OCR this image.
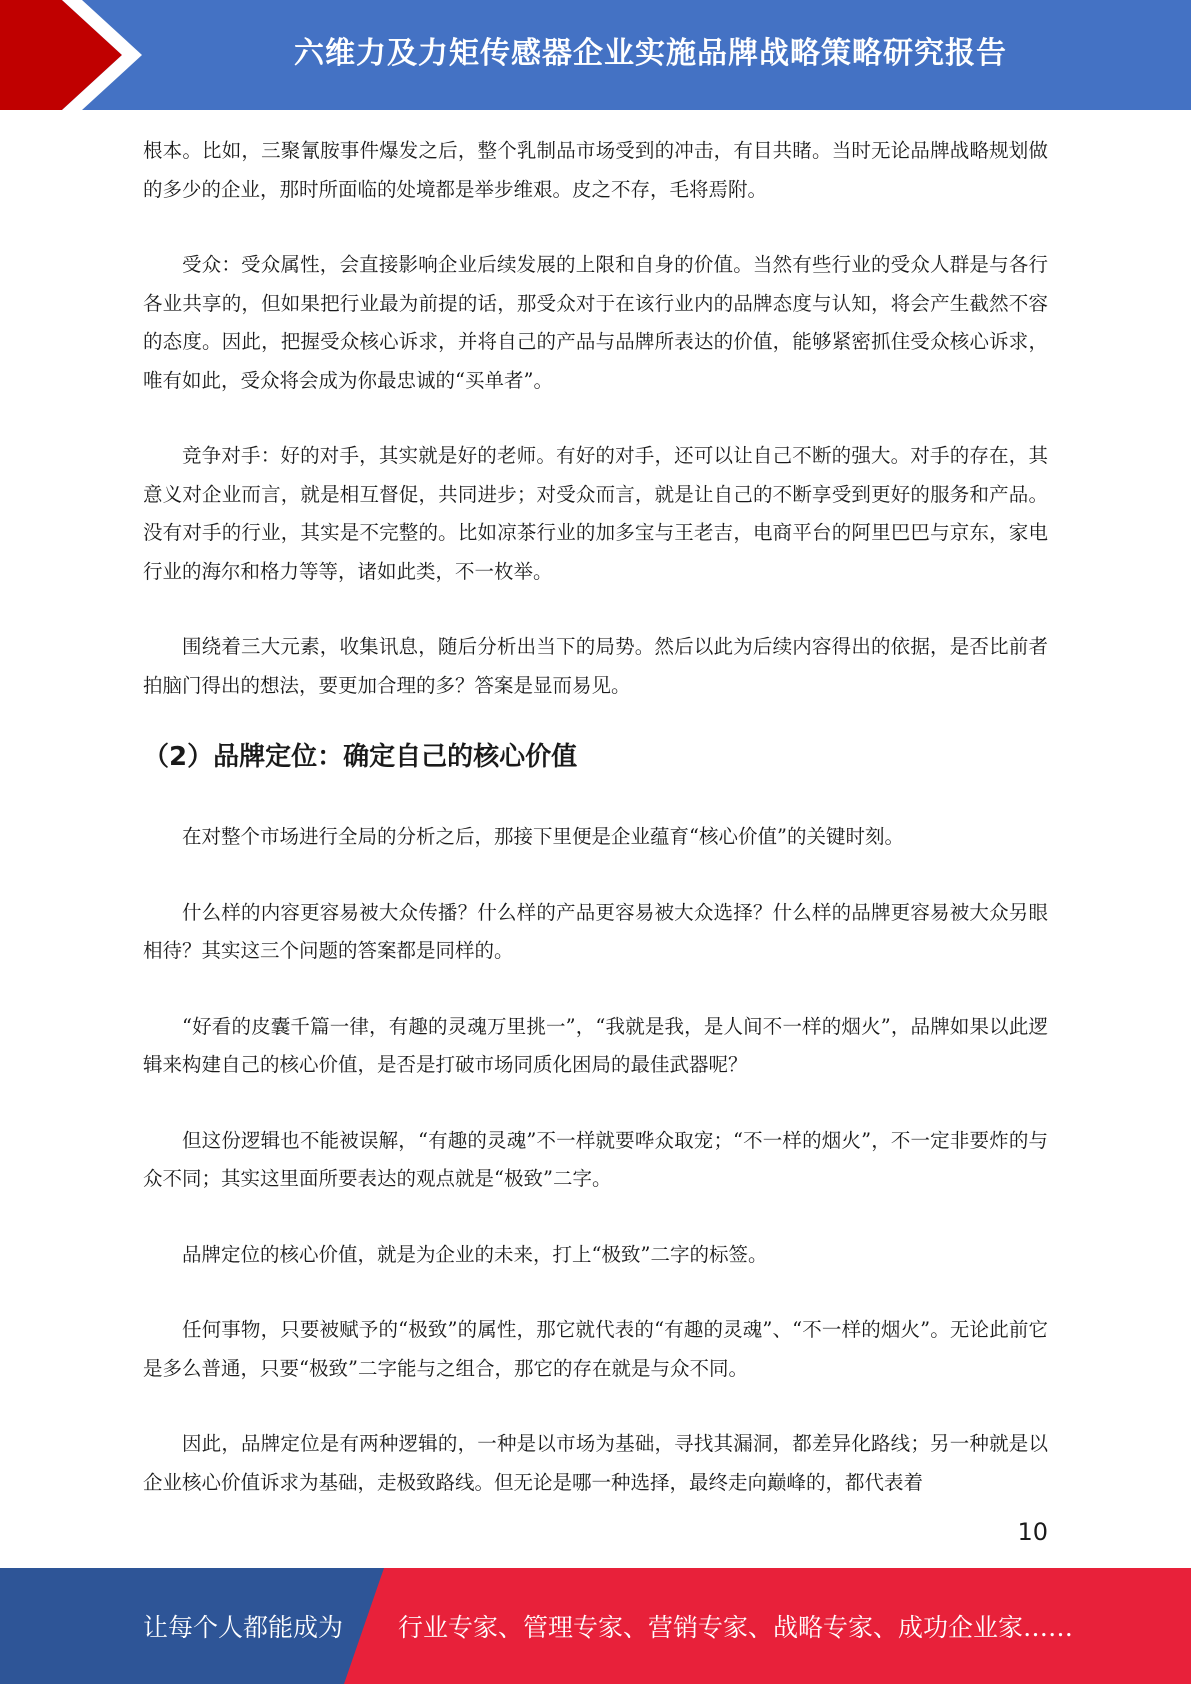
六维力及力矩传感器企业实施品牌战略策略研究报告

根本。比如，三聚氰胺事件爆发之后，整个乳制品市场受到的冲击，有目共睹。当时无论品牌战略规划做的多少的企业，那时所面临的处境都是举步维艰。皮之不存，毛将焉附。

受众：受众属性，会直接影响企业后续发展的上限和自身的价值。当然有些行业的受众人群是与各行各业共享的，但如果把行业最为前提的话，那受众对于在该行业内的品牌态度与认知，将会产生截然不容的态度。因此，把握受众核心诉求，并将自己的产品与品牌所表达的价值，能够紧密抓住受众核心诉求，唯有如此，受众将会成为你最忠诚的“买单者”。

竞争对手：好的对手，其实就是好的老师。有好的对手，还可以让自己不断的强大。对手的存在，其意义对企业而言，就是相互督促，共同进步；对受众而言，就是让自己的不断享受到更好的服务和产品。没有对手的行业，其实是不完整的。比如凉茶行业的加多宝与王老吉，电商平台的阿里巴巴与京东，家电行业的海尔和格力等等，诸如此类，不一枚举。

围绕着三大元素，收集讯息，随后分析出当下的局势。然后以此为后续内容得出的依据，是否比前者拍脑门得出的想法，要更加合理的多？答案是显而易见。

（2）品牌定位：确定自己的核心价值

在对整个市场进行全局的分析之后，那接下里便是企业蕴育“核心价值”的关键时刻。

什么样的内容更容易被大众传播？什么样的产品更容易被大众选择？什么样的品牌更容易被大众另眼相待？其实这三个问题的答案都是同样的。

“好看的皮囊千篇一律，有趣的灵魂万里挑一”，“我就是我，是人间不一样的烟火”，品牌如果以此逻辑来构建自己的核心价值，是否是打破市场同质化困局的最佳武器呢？

但这份逻辑也不能被误解，“有趣的灵魂”不一样就要哗众取宠；“不一样的烟火”，不一定非要炸的与众不同；其实这里面所要表达的观点就是“极致”二字。

品牌定位的核心价值，就是为企业的未来，打上“极致”二字的标签。

任何事物，只要被赋予的“极致”的属性，那它就代表的“有趣的灵魂”、“不一样的烟火”。无论此前它是多么普通，只要“极致”二字能与之组合，那它的存在就是与众不同。

因此，品牌定位是有两种逻辑的，一种是以市场为基础，寻找其漏洞，都差异化路线；另一种就是以企业核心价值诉求为基础，走极致路线。但无论是哪一种选择，最终走向巅峰的，都代表着

10
让每个人都能成为 行业专家、管理专家、营销专家、战略专家、成功企业家……
